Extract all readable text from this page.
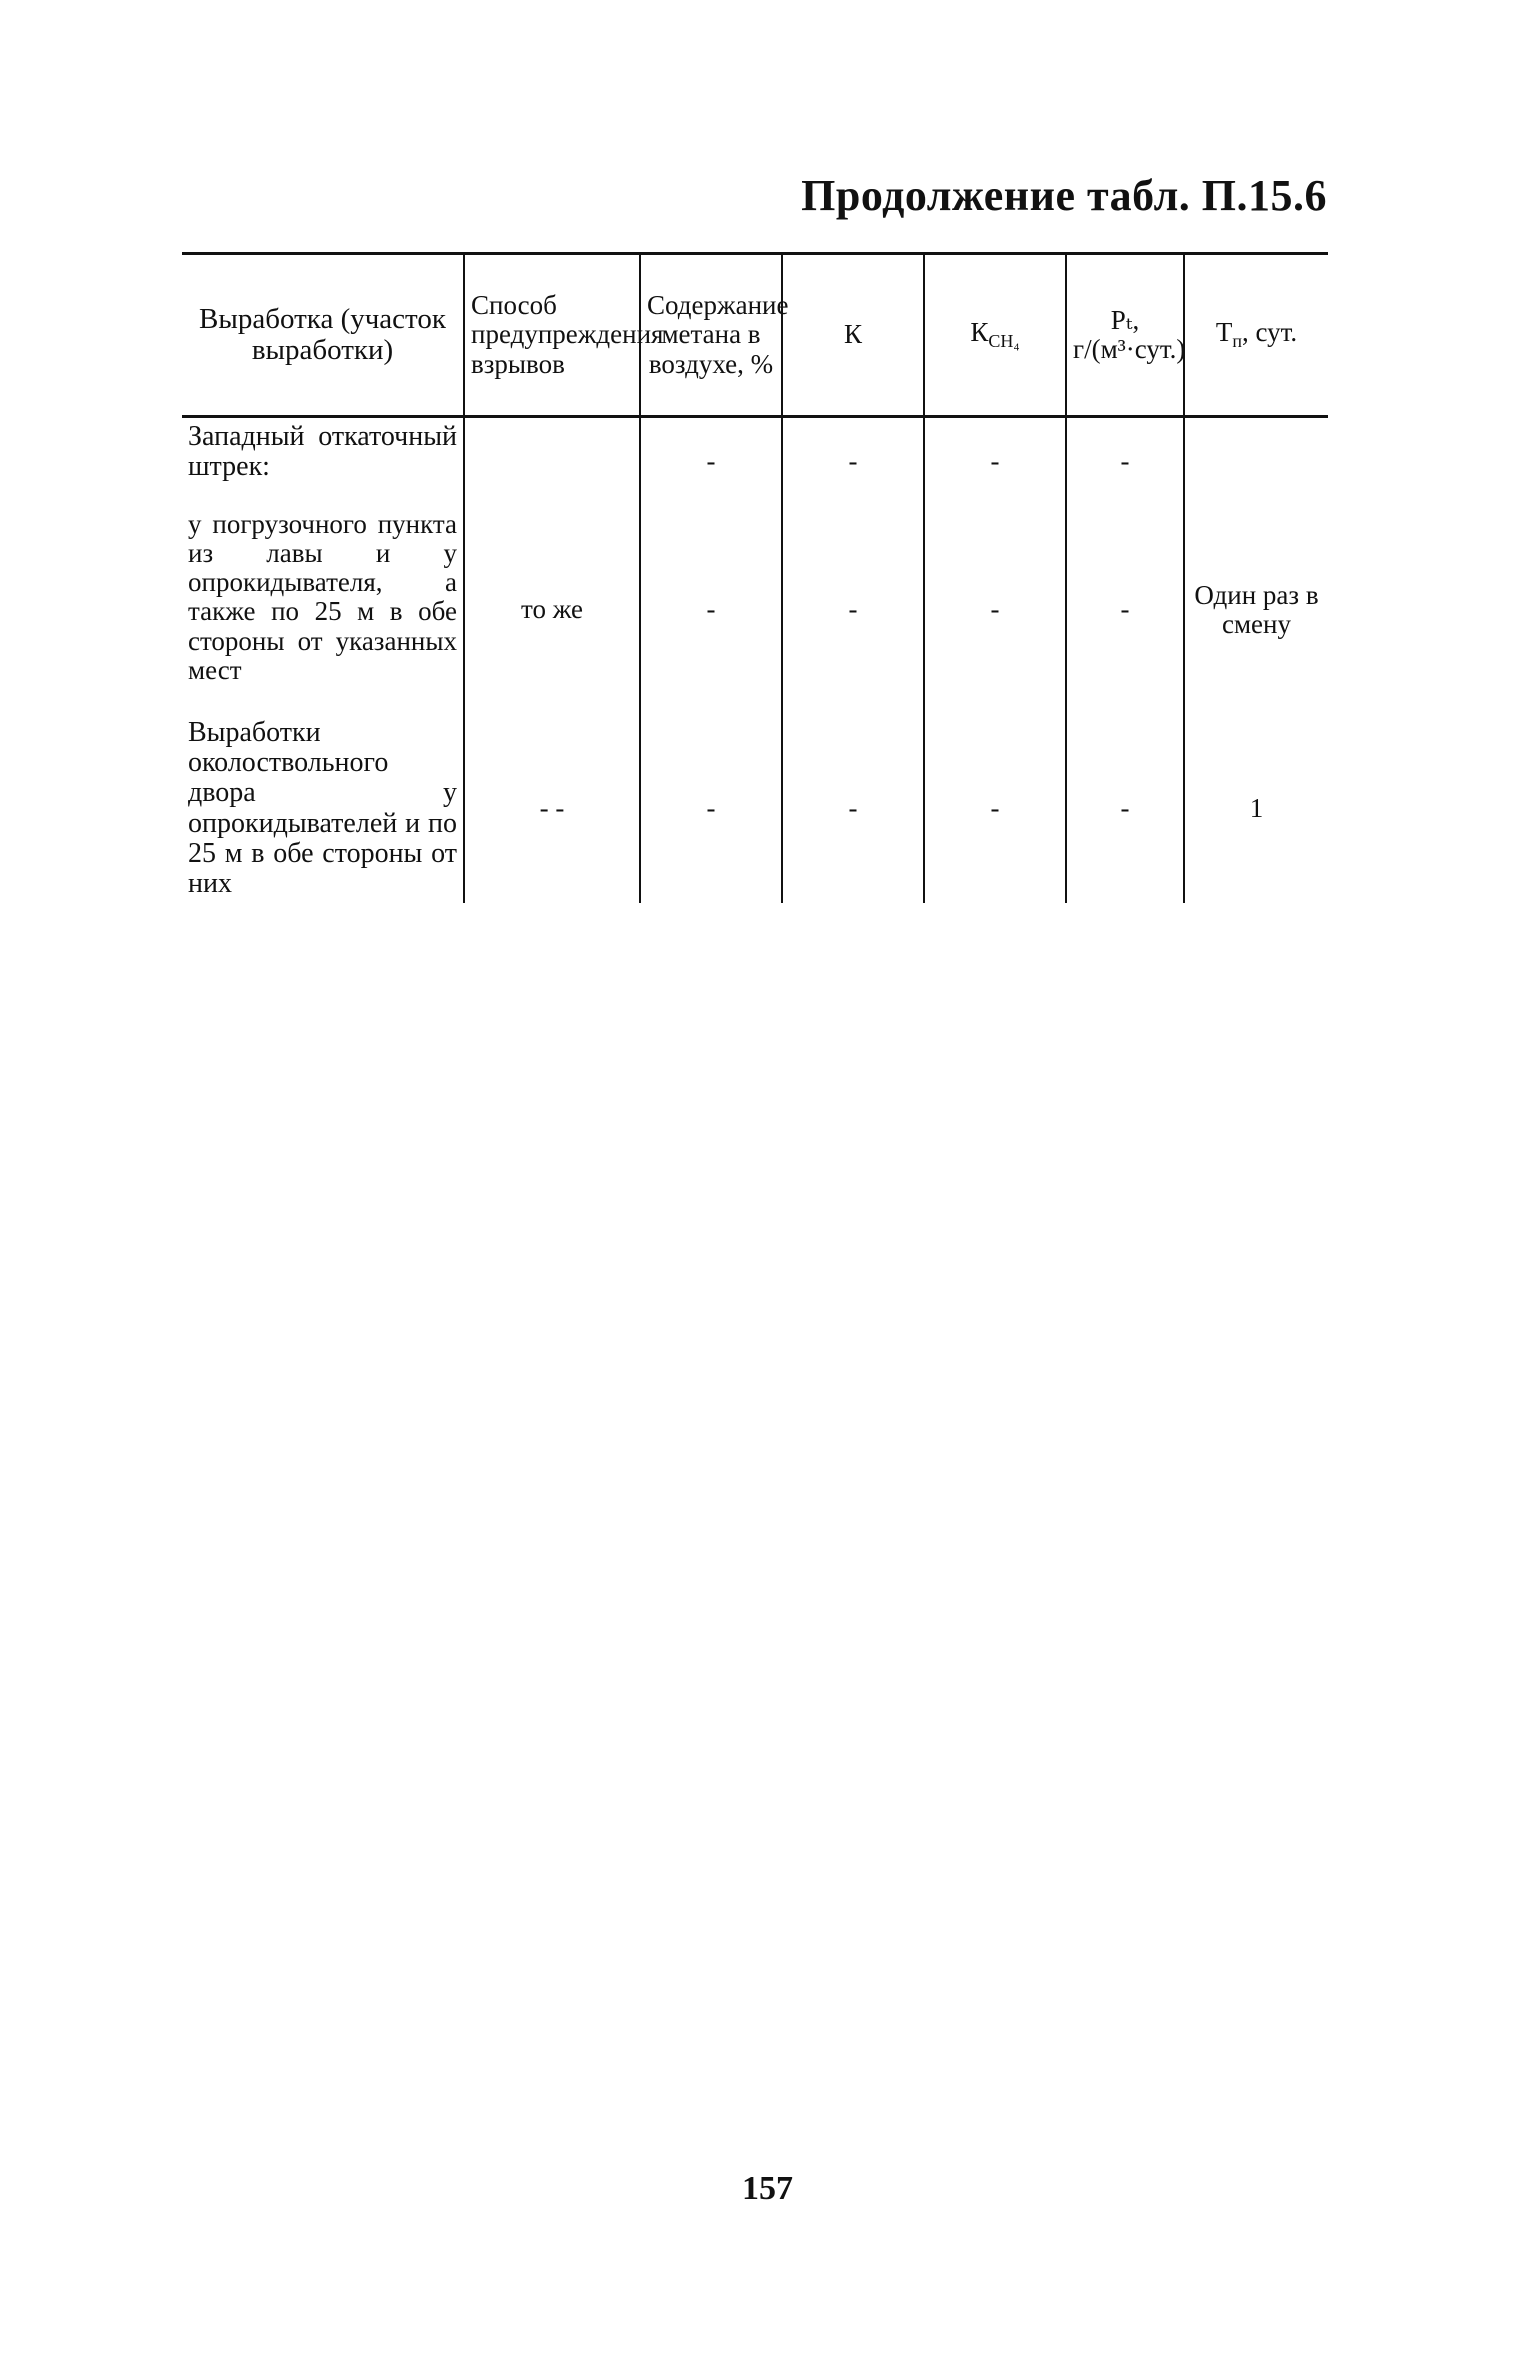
Продолжение табл. П.15.6
Выработка (участок выработки)	Способ предупреждения взрывов	Содержание метана в воздухе, %	К	$К_{CH_4}$	Pₜ, г/(м³·сут.)	$Т_п$, сут.
Западный откаточный штрек:		-	-	-	-	
у погрузочного пункта из лавы и у опрокидывателя, а также по 25 м в обе стороны от указанных мест	то же	-	-	-	-	Один раз в смену
Выработки околоствольного двора у опрокидывателей и по 25 м в обе стороны от них	- -	-	-	-	-	1
157
